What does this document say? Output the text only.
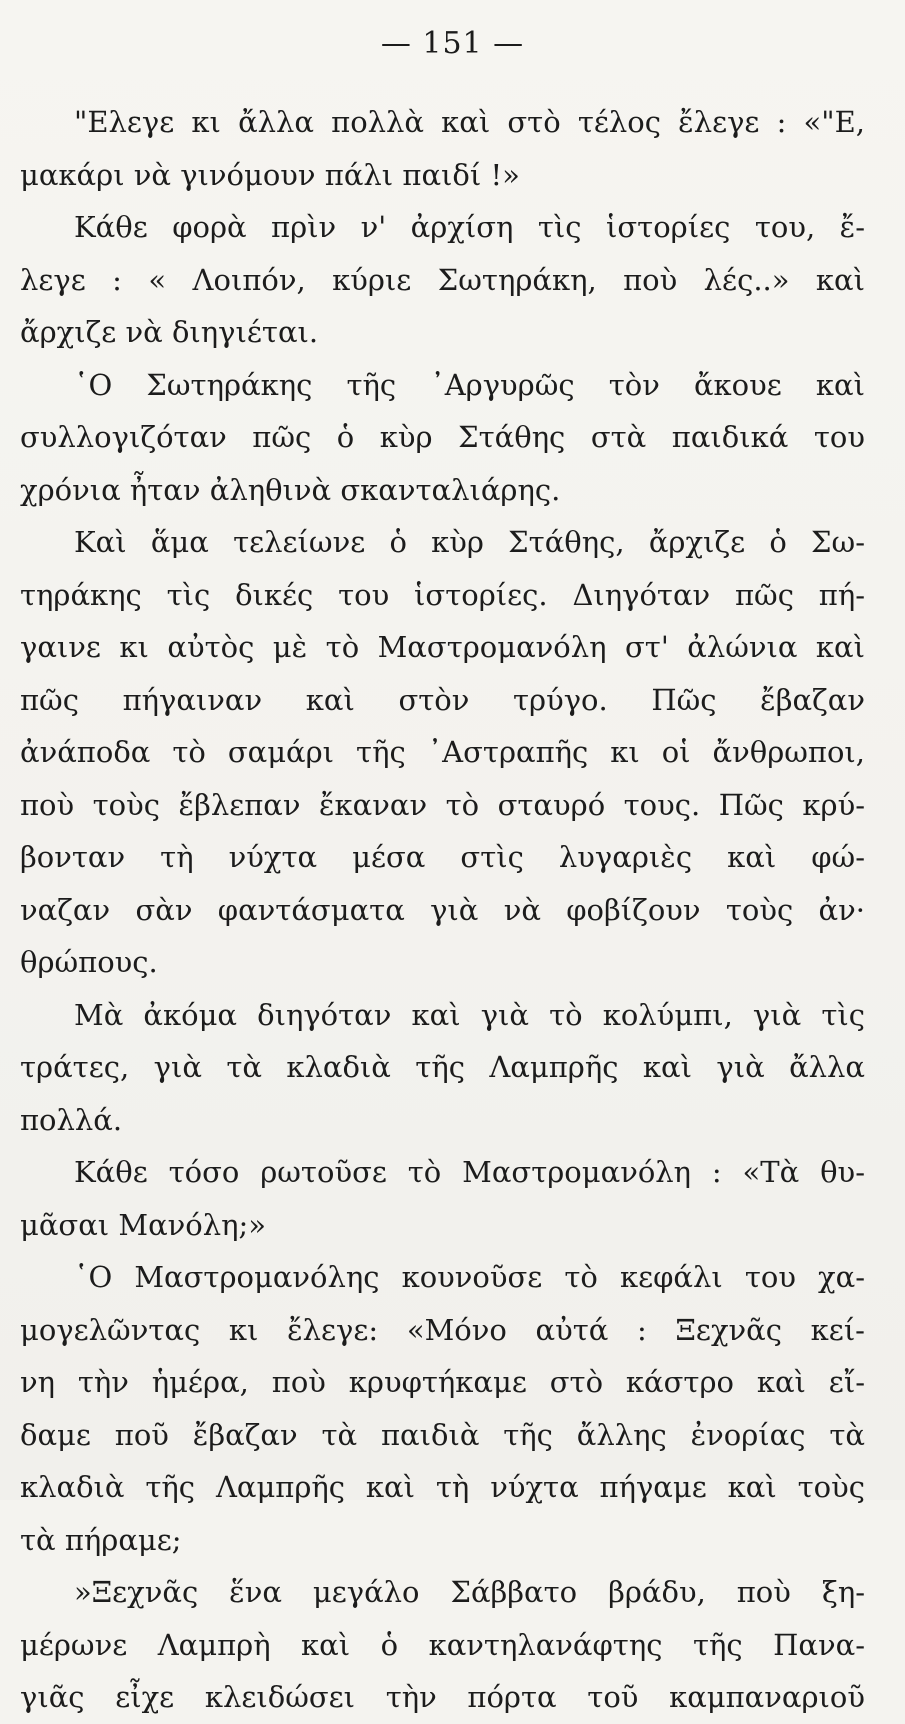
— 151 —
"Ελεγε κι ἄλλα πολλὰ καὶ στὸ τέλος ἔλεγε : «"Ε,
μακάρι νὰ γινόμουν πάλι παιδί !»
Κάθε φορὰ πρὶν ν' ἀρχίση τὶς ἱστορίες του, ἔ-
λεγε : « Λοιπόν, κύριε Σωτηράκη, ποὺ λές..» καὶ
ἄρχιζε νὰ διηγιέται.
῾Ο Σωτηράκης τῆς ᾿Αργυρῶς τὸν ἄκουε καὶ
συλλογιζόταν πῶς ὁ κὺρ Στάθης στὰ παιδικά του
χρόνια ἦταν ἀληθινὰ σκανταλιάρης.
Καὶ ἅμα τελείωνε ὁ κὺρ Στάθης, ἄρχιζε ὁ Σω-
τηράκης τὶς δικές του ἱστορίες. Διηγόταν πῶς πή-
γαινε κι αὐτὸς μὲ τὸ Μαστρομανόλη στ' ἀλώνια καὶ
πῶς πήγαιναν καὶ στὸν τρύγο. Πῶς ἔβαζαν
ἀνάποδα τὸ σαμάρι τῆς ᾿Αστραπῆς κι οἱ ἄνθρωποι,
ποὺ τοὺς ἔβλεπαν ἔκαναν τὸ σταυρό τους. Πῶς κρύ-
βονταν τὴ νύχτα μέσα στὶς λυγαριὲς καὶ φώ-
ναζαν σὰν φαντάσματα γιὰ νὰ φοβίζουν τοὺς ἀν·
θρώπους.
Μὰ ἀκόμα διηγόταν καὶ γιὰ τὸ κολύμπι, γιὰ τὶς
τράτες, γιὰ τὰ κλαδιὰ τῆς Λαμπρῆς καὶ γιὰ ἄλλα
πολλά.
Κάθε τόσο ρωτοῦσε τὸ Μαστρομανόλη : «Τὰ θυ-
μᾶσαι Μανόλη;»
῾Ο Μαστρομανόλης κουνοῦσε τὸ κεφάλι του χα-
μογελῶντας κι ἔλεγε: «Μόνο αὐτά : Ξεχνᾶς κεί-
νη τὴν ἡμέρα, ποὺ κρυφτήκαμε στὸ κάστρο καὶ εἴ-
δαμε ποῦ ἔβαζαν τὰ παιδιὰ τῆς ἄλλης ἐνορίας τὰ
κλαδιὰ τῆς Λαμπρῆς καὶ τὴ νύχτα πήγαμε καὶ τοὺς
τὰ πήραμε;
»Ξεχνᾶς ἕνα μεγάλο Σάββατο βράδυ, ποὺ ξη-
μέρωνε Λαμπρὴ καὶ ὁ καντηλανάφτης τῆς Πανα-
γιᾶς εἶχε κλειδώσει τὴν πόρτα τοῦ καμπαναριοῦ
